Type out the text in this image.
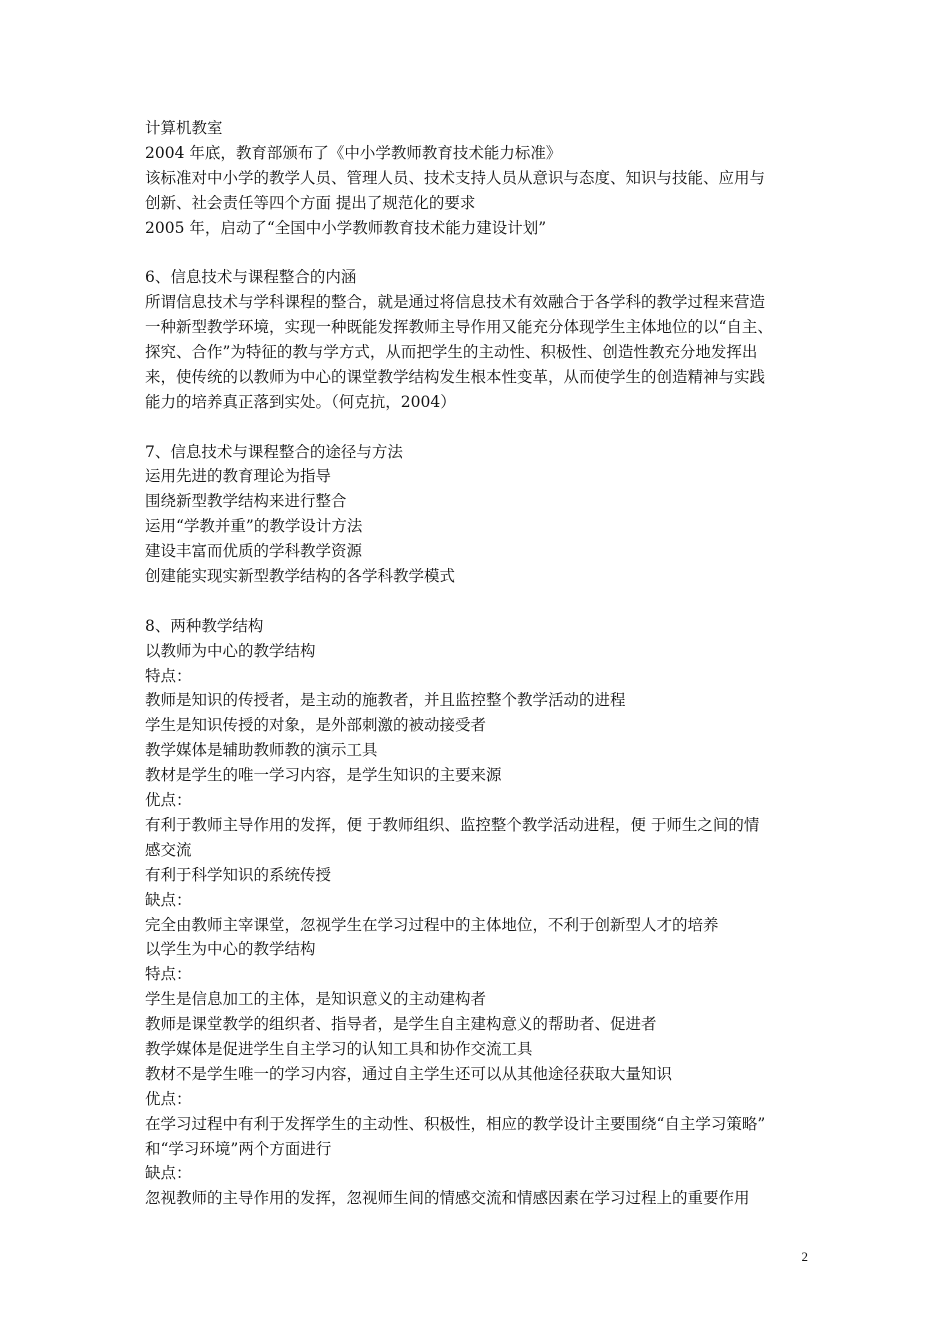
计算机教室
2004 年底，教育部颁布了《中小学教师教育技术能力标准》
该标准对中小学的教学人员、管理人员、技术支持人员从意识与态度、知识与技能、应用与
创新、社会责任等四个方面 提出了规范化的要求
2005 年，启动了“全国中小学教师教育技术能力建设计划”
6、信息技术与课程整合的内涵
所谓信息技术与学科课程的整合，就是通过将信息技术有效融合于各学科的教学过程来营造
一种新型教学环境，实现一种既能发挥教师主导作用又能充分体现学生主体地位的以“自主、
探究、合作”为特征的教与学方式，从而把学生的主动性、积极性、创造性教充分地发挥出
来，使传统的以教师为中心的课堂教学结构发生根本性变革，从而使学生的创造精神与实践
能力的培养真正落到实处。（何克抗，2004）
7、信息技术与课程整合的途径与方法
运用先进的教育理论为指导
围绕新型教学结构来进行整合
运用“学教并重”的教学设计方法
建设丰富而优质的学科教学资源
创建能实现实新型教学结构的各学科教学模式
8、两种教学结构
以教师为中心的教学结构
特点：
教师是知识的传授者，是主动的施教者，并且监控整个教学活动的进程
学生是知识传授的对象，是外部刺激的被动接受者
教学媒体是辅助教师教的演示工具
教材是学生的唯一学习内容，是学生知识的主要来源
优点：
有利于教师主导作用的发挥，便 于教师组织、监控整个教学活动进程，便 于师生之间的情
感交流
有利于科学知识的系统传授
缺点：
完全由教师主宰课堂，忽视学生在学习过程中的主体地位，不利于创新型人才的培养
以学生为中心的教学结构
特点：
学生是信息加工的主体，是知识意义的主动建构者
教师是课堂教学的组织者、指导者，是学生自主建构意义的帮助者、促进者
教学媒体是促进学生自主学习的认知工具和协作交流工具
教材不是学生唯一的学习内容，通过自主学生还可以从其他途径获取大量知识
优点：
在学习过程中有利于发挥学生的主动性、积极性，相应的教学设计主要围绕“自主学习策略”
和“学习环境”两个方面进行
缺点：
忽视教师的主导作用的发挥，忽视师生间的情感交流和情感因素在学习过程上的重要作用
2
